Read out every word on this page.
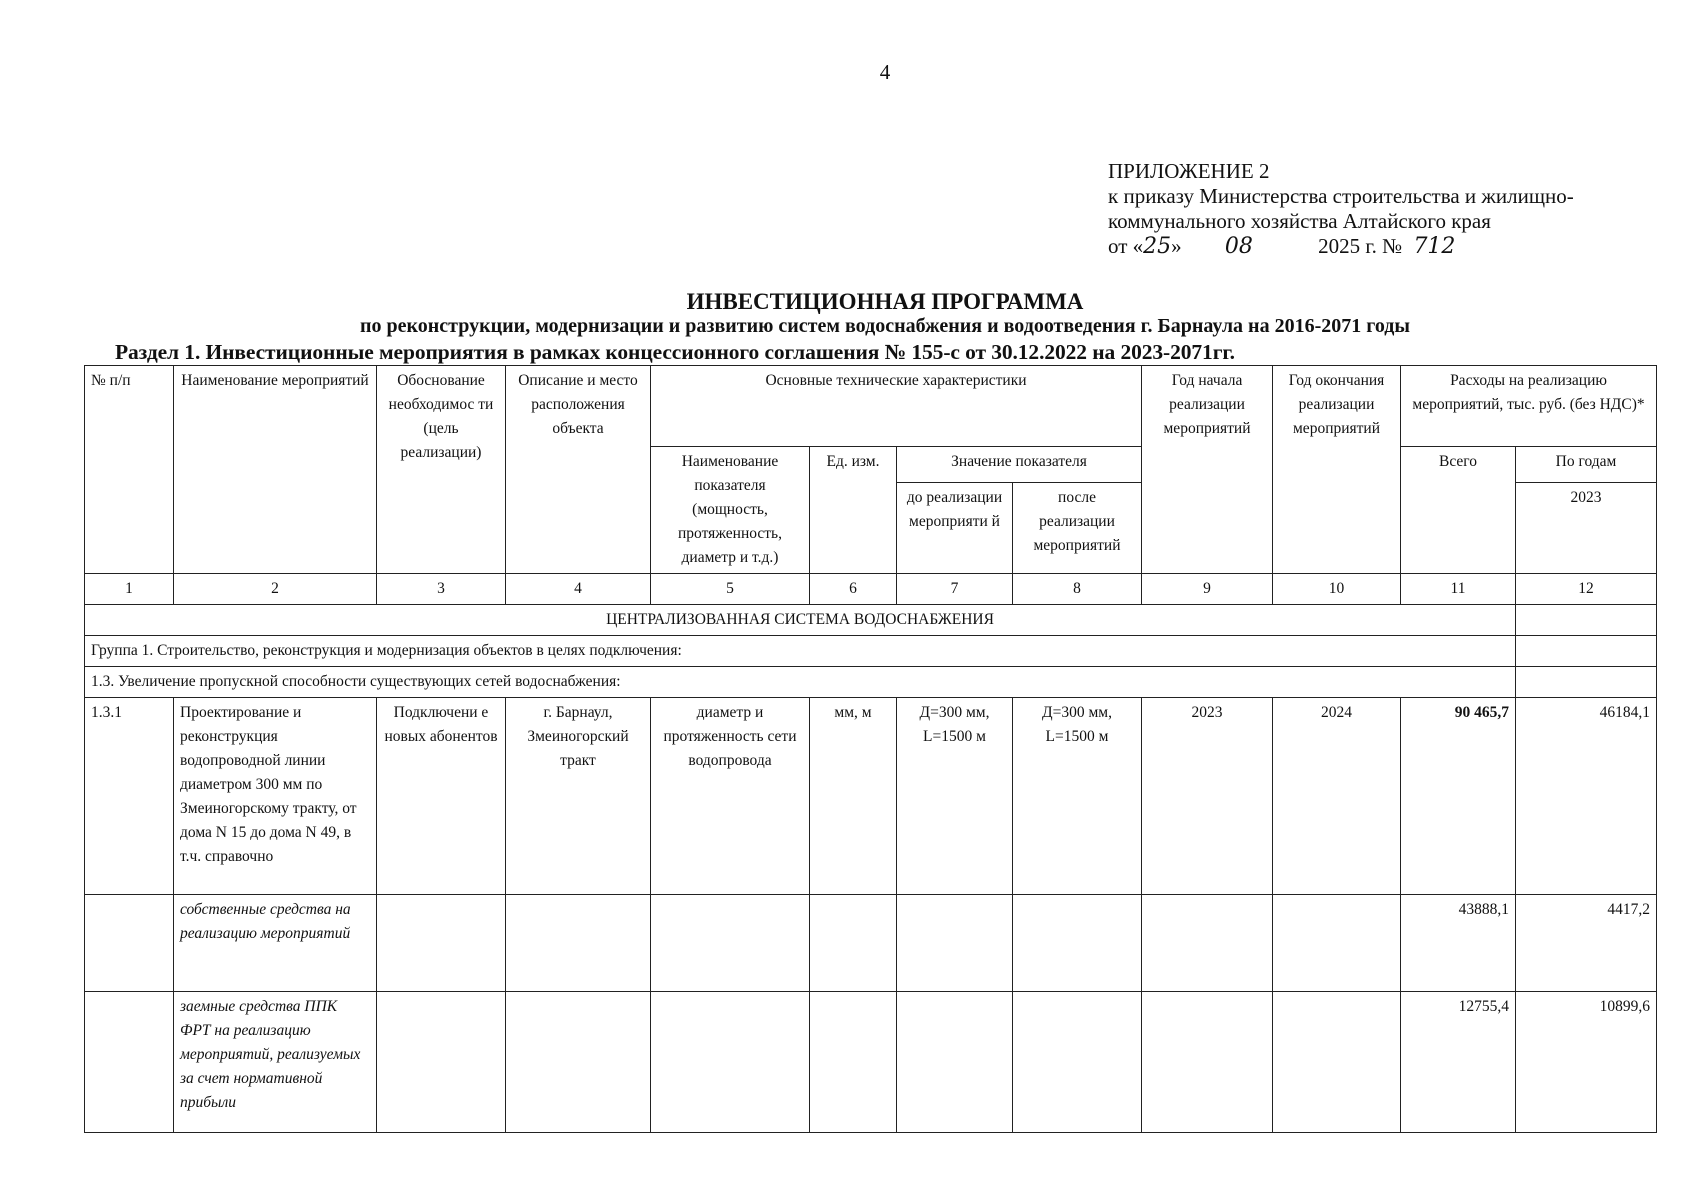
4
ПРИЛОЖЕНИЕ 2
к приказу Министерства строительства и жилищно-
коммунального хозяйства Алтайского края
от «25» 08	2025 г. № 712
ИНВЕСТИЦИОННАЯ ПРОГРАММА
по реконструкции, модернизации и развитию систем водоснабжения и водоотведения г. Барнаула на 2016-2071 годы
Раздел 1. Инвестиционные мероприятия в рамках концессионного соглашения № 155-с от 30.12.2022 на 2023-2071гг.
№ п/п	Наименование мероприятий	Обоснование необходимос ти (цель реализации)	Описание и место расположения объекта	Основные технические характеристики				Год начала реализации мероприятий	Год окончания реализации мероприятий	Расходы на реализацию мероприятий, тыс. руб. (без НДС)*	
				Наименование показателя (мощность, протяженность, диаметр и т.д.)	Ед. изм.	Значение показателя				Всего	По годам
						до реализации мероприяти й	после реализации мероприятий				2023
1	2	3	4	5	6	7	8	9	10	11	12
ЦЕНТРАЛИЗОВАННАЯ СИСТЕМА ВОДОСНАБЖЕНИЯ											
Группа 1. Строительство, реконструкция и модернизация объектов в целях подключения:											
1.3. Увеличение пропускной способности существующих сетей водоснабжения:											
1.3.1	Проектирование и реконструкция водопроводной линии диаметром 300 мм по Змеиногорскому тракту, от дома N 15 до дома N 49, в т.ч. справочно	Подключени е новых абонентов	г. Барнаул, Змеиногорский тракт	диаметр и протяженность сети водопровода	мм, м	Д=300 мм, L=1500 м	Д=300 мм, L=1500 м	2023	2024	90 465,7	46184,1
	собственные средства на реализацию мероприятий									43888,1	4417,2
	заемные средства ППК ФРТ на реализацию мероприятий, реализуемых за счет нормативной прибыли									12755,4	10899,6
